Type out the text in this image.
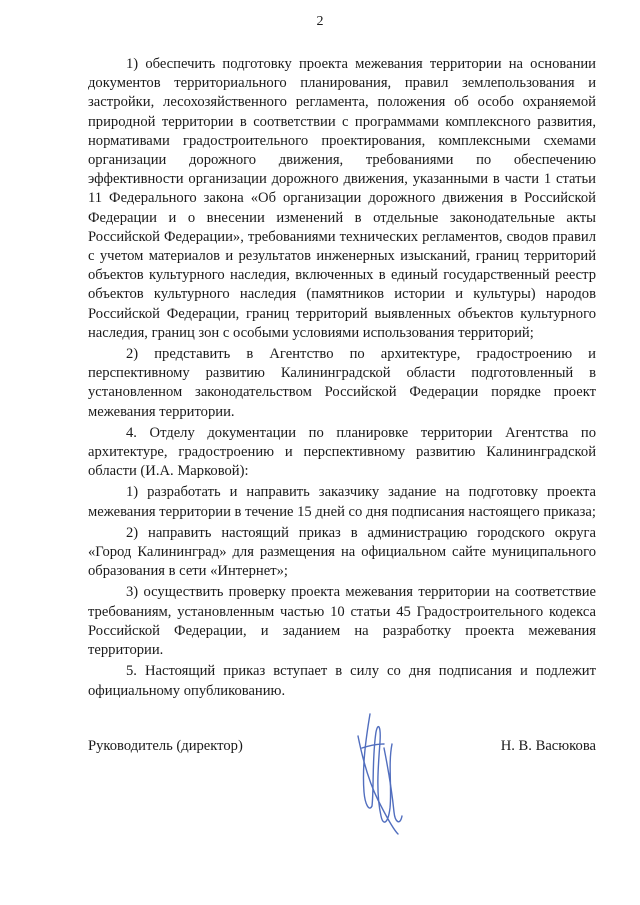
2

1) обеспечить подготовку проекта межевания территории на основании документов территориального планирования, правил землепользования и застройки, лесохозяйственного регламента, положения об особо охраняемой природной территории в соответствии с программами комплексного развития, нормативами градостроительного проектирования, комплексными схемами организации дорожного движения, требованиями по обеспечению эффективности организации дорожного движения, указанными в части 1 статьи 11 Федерального закона «Об организации дорожного движения в Российской Федерации и о внесении изменений в отдельные законодательные акты Российской Федерации», требованиями технических регламентов, сводов правил с учетом материалов и результатов инженерных изысканий, границ территорий объектов культурного наследия, включенных в единый государственный реестр объектов культурного наследия (памятников истории и культуры) народов Российской Федерации, границ территорий выявленных объектов культурного наследия, границ зон с особыми условиями использования территорий;

2) представить в Агентство по архитектуре, градостроению и перспективному развитию Калининградской области подготовленный в установленном законодательством Российской Федерации порядке проект межевания территории.

4. Отделу документации по планировке территории Агентства по архитектуре, градостроению и перспективному развитию Калининградской области (И.А. Марковой):

1) разработать и направить заказчику задание на подготовку проекта межевания территории в течение 15 дней со дня подписания настоящего приказа;

2) направить настоящий приказ в администрацию городского округа «Город Калининград» для размещения на официальном сайте муниципального образования в сети «Интернет»;

3) осуществить проверку проекта межевания территории на соответствие требованиям, установленным частью 10 статьи 45 Градостроительного кодекса Российской Федерации, и заданием на разработку проекта межевания территории.

5. Настоящий приказ вступает в силу со дня подписания и подлежит официальному опубликованию.

Руководитель (директор)	Н. В. Васюкова
